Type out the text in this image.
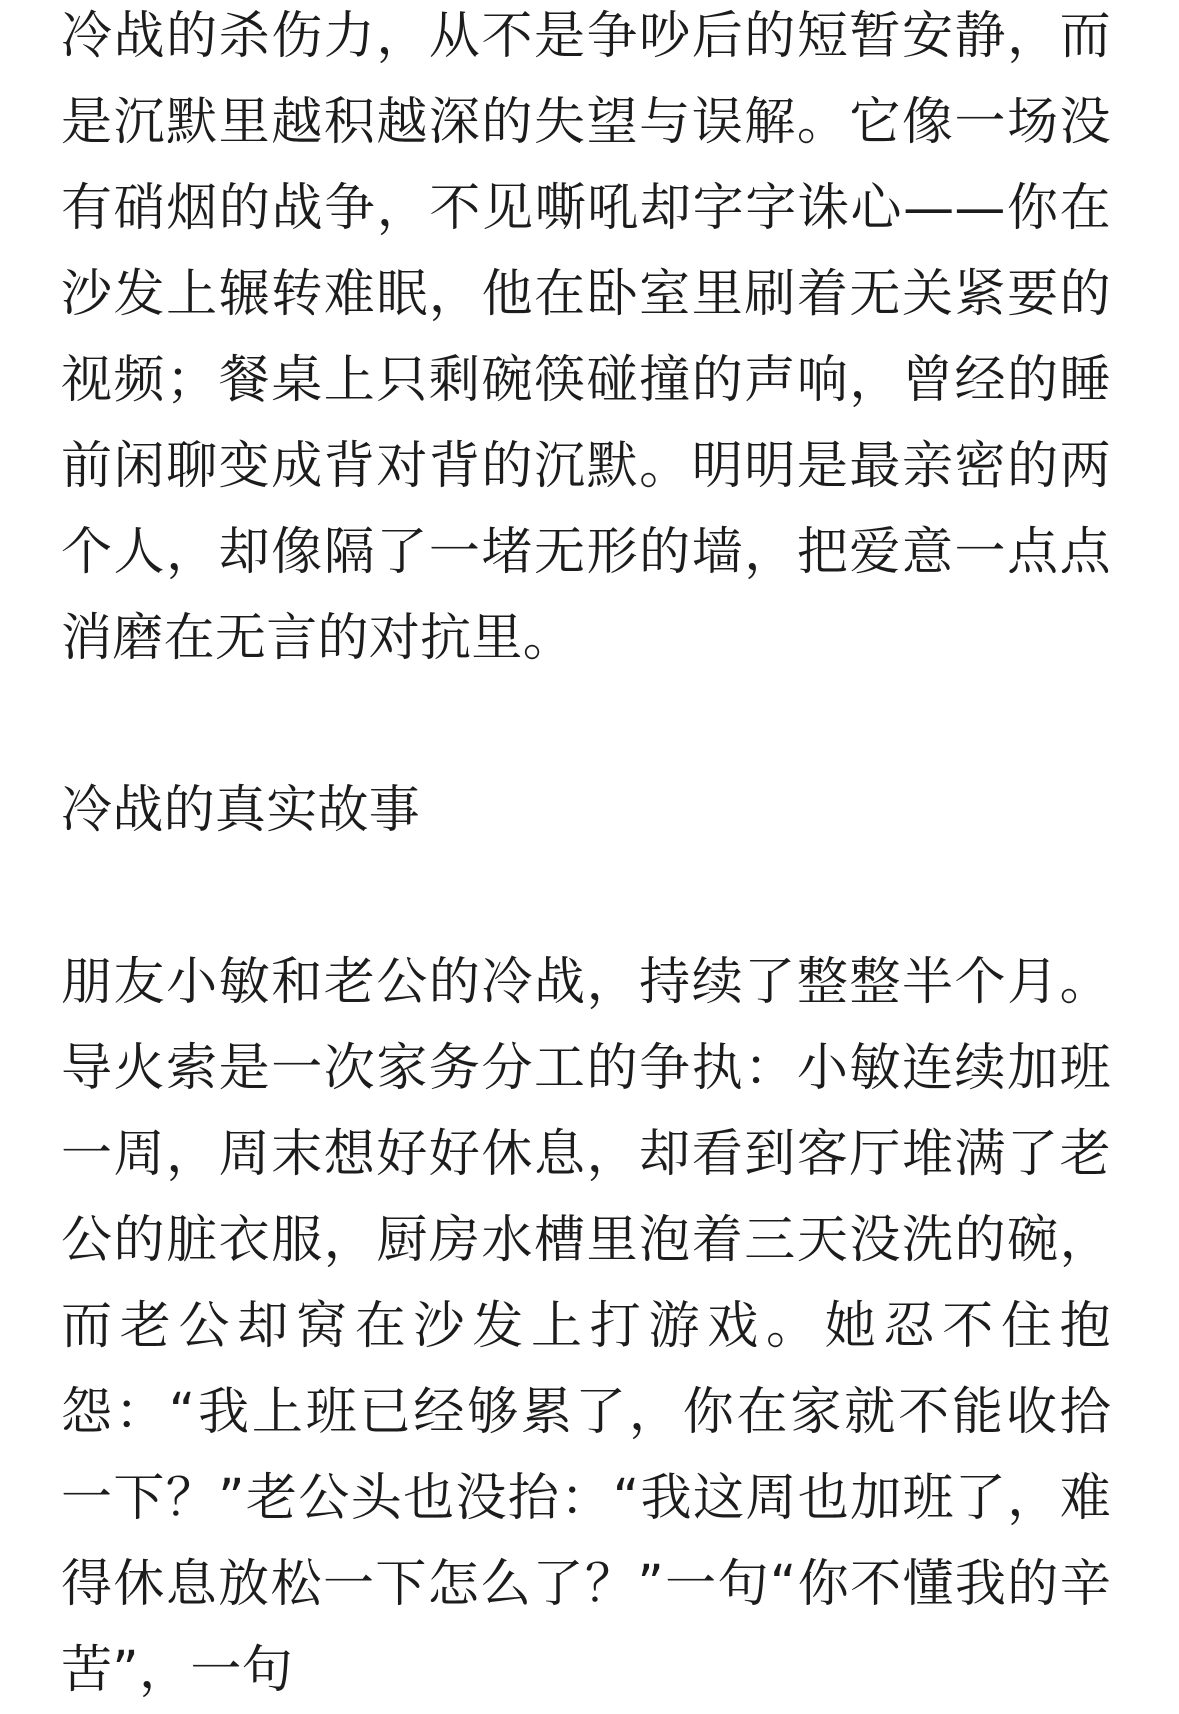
冷战的杀伤力，从不是争吵后的短暂安静，而是沉默里越积越深的失望与误解。它像一场没有硝烟的战争，不见嘶吼却字字诛心——你在沙发上辗转难眠，他在卧室里刷着无关紧要的视频；餐桌上只剩碗筷碰撞的声响，曾经的睡前闲聊变成背对背的沉默。明明是最亲密的两个人，却像隔了一堵无形的墙，把爱意一点点消磨在无言的对抗里。

冷战的真实故事

朋友小敏和老公的冷战，持续了整整半个月。导火索是一次家务分工的争执：小敏连续加班一周，周末想好好休息，却看到客厅堆满了老公的脏衣服，厨房水槽里泡着三天没洗的碗，而老公却窝在沙发上打游戏。她忍不住抱怨：“我上班已经够累了，你在家就不能收拾一下？”老公头也没抬：“我这周也加班了，难得休息放松一下怎么了？”一句“你不懂我的辛苦”，一句
